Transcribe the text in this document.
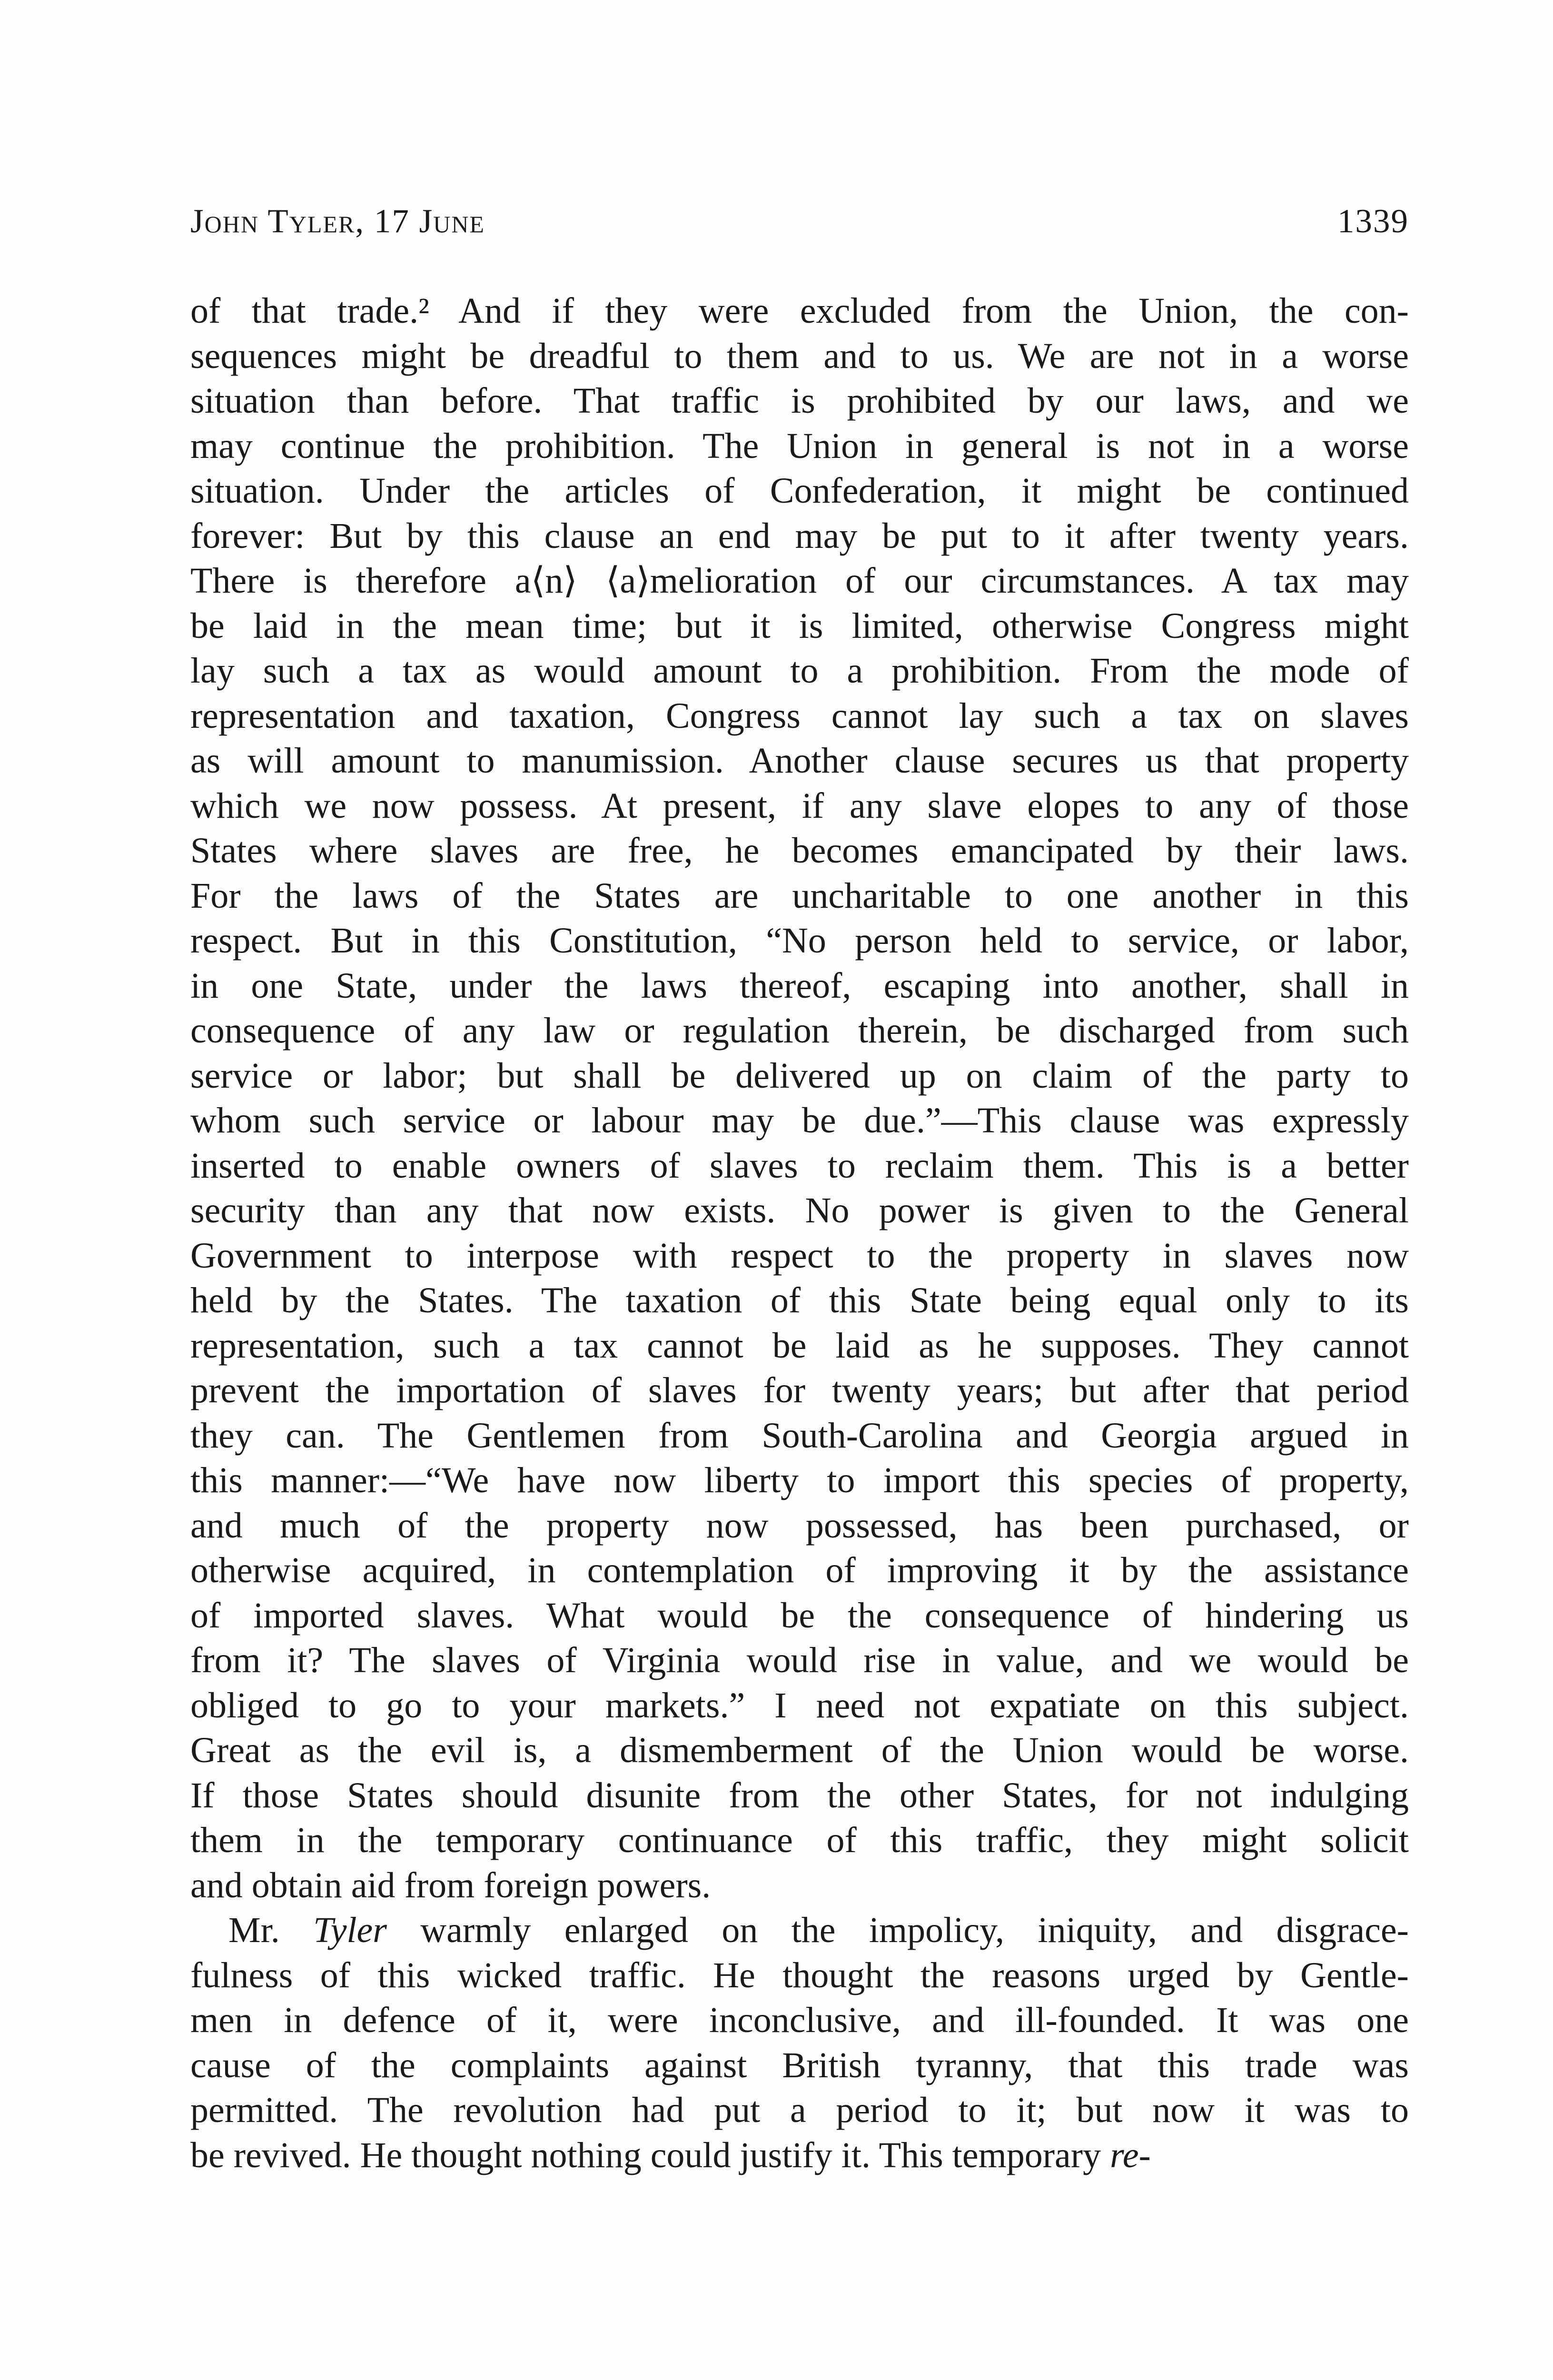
John Tyler, 17 June	1339

of that trade.² And if they were excluded from the Union, the con-

sequences might be dreadful to them and to us. We are not in a worse

situation than before. That traffic is prohibited by our laws, and we

may continue the prohibition. The Union in general is not in a worse

situation. Under the articles of Confederation, it might be continued

forever: But by this clause an end may be put to it after twenty years.

There is therefore a⟨n⟩ ⟨a⟩melioration of our circumstances. A tax may

be laid in the mean time; but it is limited, otherwise Congress might

lay such a tax as would amount to a prohibition. From the mode of

representation and taxation, Congress cannot lay such a tax on slaves

as will amount to manumission. Another clause secures us that property

which we now possess. At present, if any slave elopes to any of those

States where slaves are free, he becomes emancipated by their laws.

For the laws of the States are uncharitable to one another in this

respect. But in this Constitution, “No person held to service, or labor,

in one State, under the laws thereof, escaping into another, shall in

consequence of any law or regulation therein, be discharged from such

service or labor; but shall be delivered up on claim of the party to

whom such service or labour may be due.”—This clause was expressly

inserted to enable owners of slaves to reclaim them. This is a better

security than any that now exists. No power is given to the General

Government to interpose with respect to the property in slaves now

held by the States. The taxation of this State being equal only to its

representation, such a tax cannot be laid as he supposes. They cannot

prevent the importation of slaves for twenty years; but after that period

they can. The Gentlemen from South-Carolina and Georgia argued in

this manner:—“We have now liberty to import this species of property,

and much of the property now possessed, has been purchased, or

otherwise acquired, in contemplation of improving it by the assistance

of imported slaves. What would be the consequence of hindering us

from it? The slaves of Virginia would rise in value, and we would be

obliged to go to your markets.” I need not expatiate on this subject.

Great as the evil is, a dismemberment of the Union would be worse.

If those States should disunite from the other States, for not indulging

them in the temporary continuance of this traffic, they might solicit

and obtain aid from foreign powers.

Mr. Tyler warmly enlarged on the impolicy, iniquity, and disgrace-

fulness of this wicked traffic. He thought the reasons urged by Gentle-

men in defence of it, were inconclusive, and ill-founded. It was one

cause of the complaints against British tyranny, that this trade was

permitted. The revolution had put a period to it; but now it was to

be revived. He thought nothing could justify it. This temporary re-
